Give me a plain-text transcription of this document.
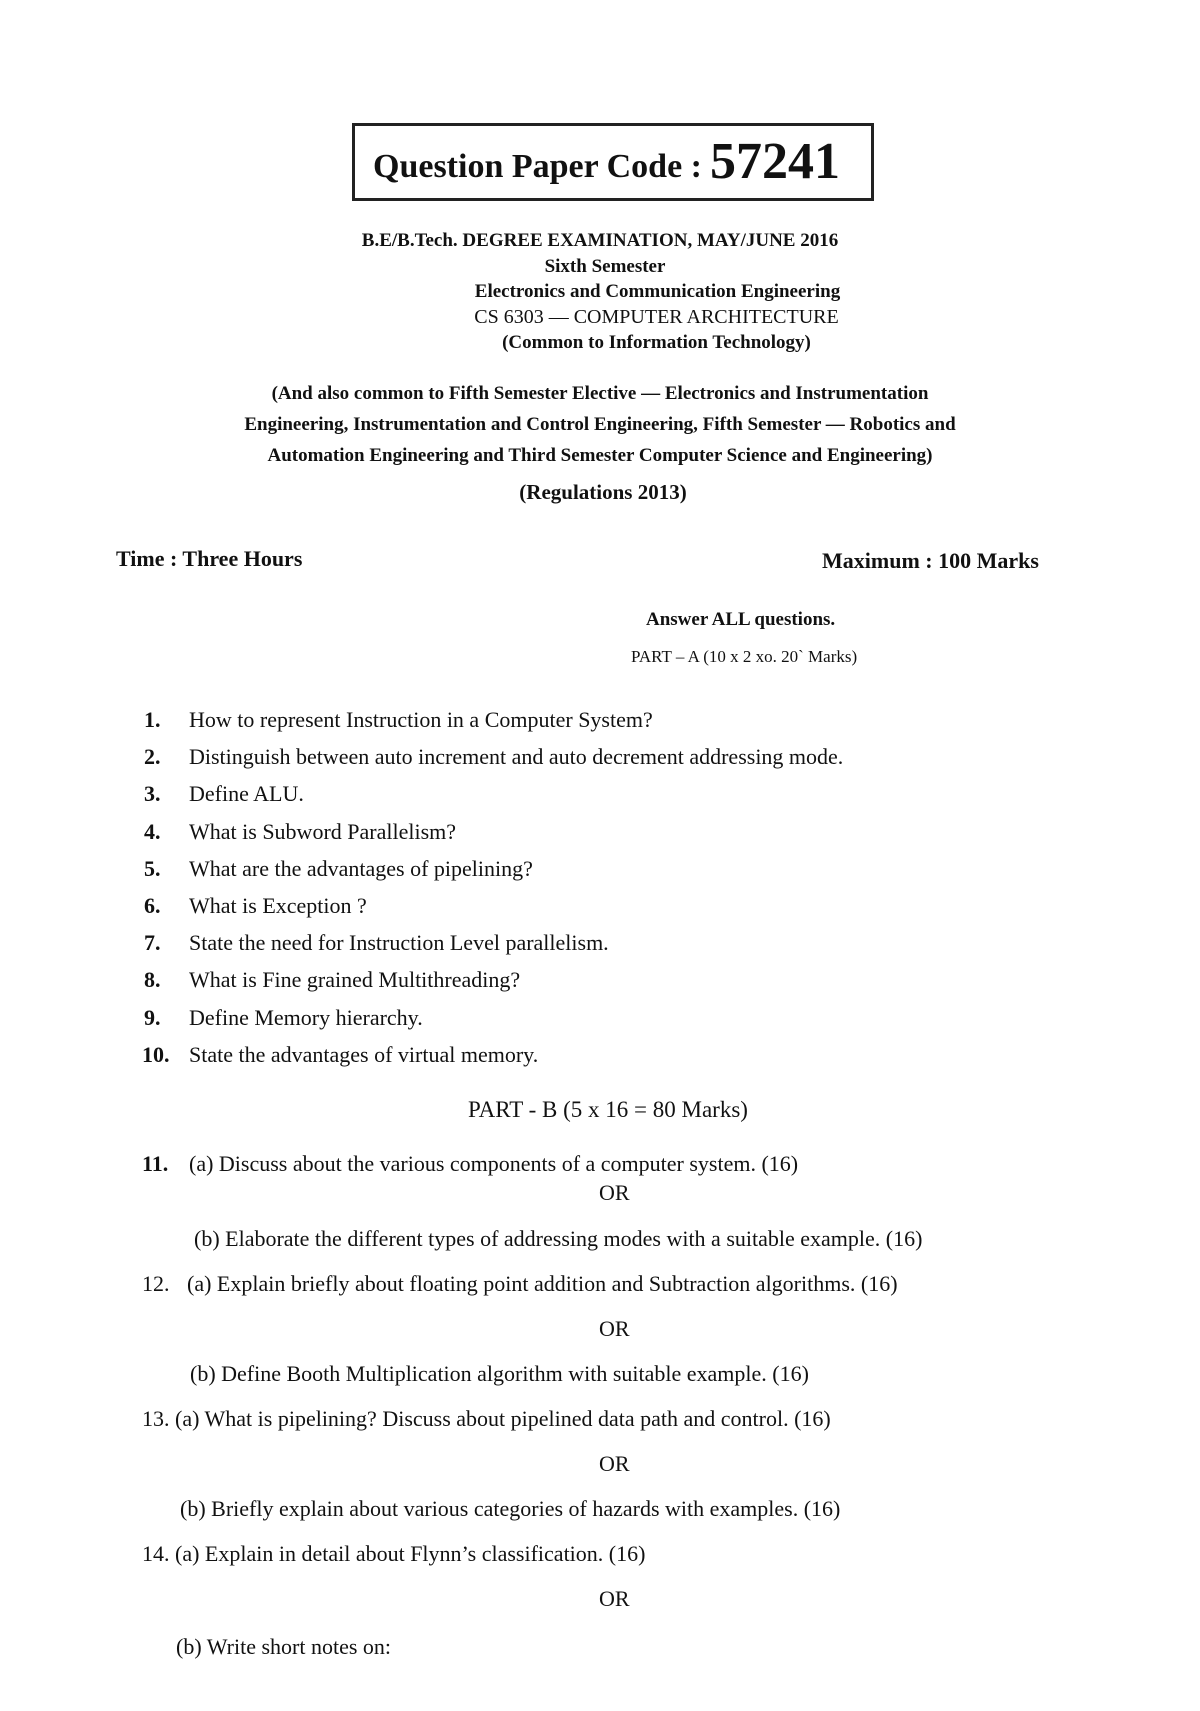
Question Paper Code : 57241
B.E/B.Tech. DEGREE EXAMINATION, MAY/JUNE 2016
Sixth Semester
Electronics and Communication Engineering
CS 6303 — COMPUTER ARCHITECTURE
(Common to Information Technology)
(And also common to Fifth Semester Elective — Electronics and Instrumentation
Engineering, Instrumentation and Control Engineering, Fifth Semester — Robotics and
Automation Engineering and Third Semester Computer Science and Engineering)
(Regulations 2013)
Time : Three Hours	Maximum : 100 Marks
Answer ALL questions.
PART – A (10 x 2 xo. 20` Marks)
1. How to represent Instruction in a Computer System?
2. Distinguish between auto increment and auto decrement addressing mode.
3. Define ALU.
4. What is Subword Parallelism?
5. What are the advantages of pipelining?
6. What is Exception ?
7. State the need for Instruction Level parallelism.
8. What is Fine grained Multithreading?
9. Define Memory hierarchy.
10. State the advantages of virtual memory.
PART - B (5 x 16 = 80 Marks)
11. (a) Discuss about the various components of a computer system. (16)
OR
(b) Elaborate the different types of addressing modes with a suitable example. (16)
12. (a) Explain briefly about floating point addition and Subtraction algorithms. (16)
OR
(b) Define Booth Multiplication algorithm with suitable example. (16)
13. (a) What is pipelining? Discuss about pipelined data path and control. (16)
OR
(b) Briefly explain about various categories of hazards with examples. (16)
14. (a) Explain in detail about Flynn’s classification. (16)
OR
(b) Write short notes on:
